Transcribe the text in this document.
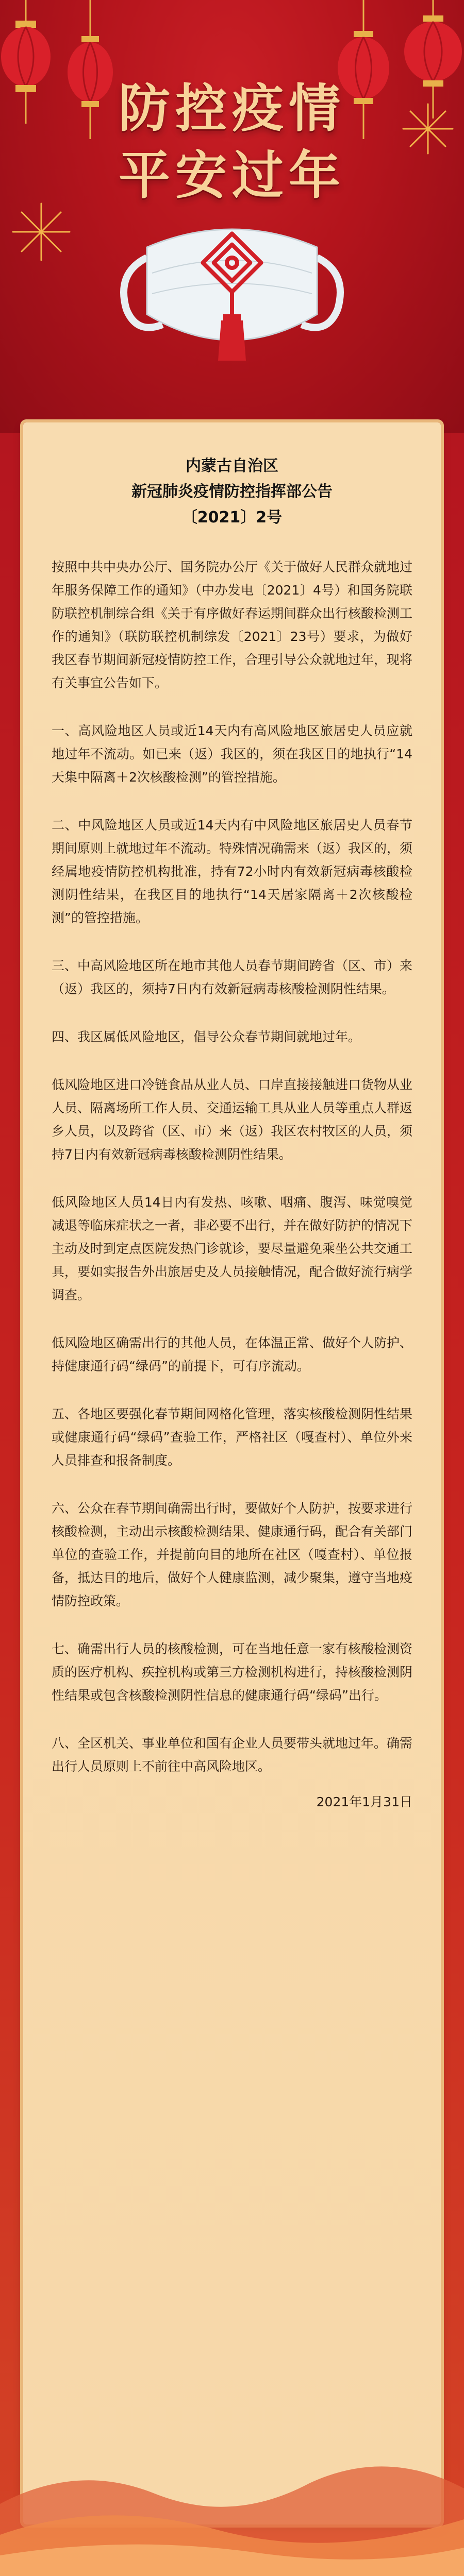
防控疫情
平安过年
内蒙古自治区
新冠肺炎疫情防控指挥部公告
〔2021〕2号

按照中共中央办公厅、国务院办公厅《关于做好人民群众就地过年服务保障工作的通知》（中办发电〔2021〕4号）和国务院联防联控机制综合组《关于有序做好春运期间群众出行核酸检测工作的通知》（联防联控机制综发〔2021〕23号）要求，为做好我区春节期间新冠疫情防控工作，合理引导公众就地过年，现将有关事宜公告如下。

一、高风险地区人员或近14天内有高风险地区旅居史人员应就地过年不流动。如已来（返）我区的，须在我区目的地执行“14天集中隔离＋2次核酸检测”的管控措施。

二、中风险地区人员或近14天内有中风险地区旅居史人员春节期间原则上就地过年不流动。特殊情况确需来（返）我区的，须经属地疫情防控机构批准，持有72小时内有效新冠病毒核酸检测阴性结果，在我区目的地执行“14天居家隔离＋2次核酸检测”的管控措施。

三、中高风险地区所在地市其他人员春节期间跨省（区、市）来（返）我区的，须持7日内有效新冠病毒核酸检测阴性结果。

四、我区属低风险地区，倡导公众春节期间就地过年。

低风险地区进口冷链食品从业人员、口岸直接接触进口货物从业人员、隔离场所工作人员、交通运输工具从业人员等重点人群返乡人员，以及跨省（区、市）来（返）我区农村牧区的人员，须持7日内有效新冠病毒核酸检测阴性结果。

低风险地区人员14日内有发热、咳嗽、咽痛、腹泻、味觉嗅觉减退等临床症状之一者，非必要不出行，并在做好防护的情况下主动及时到定点医院发热门诊就诊，要尽量避免乘坐公共交通工具，要如实报告外出旅居史及人员接触情况，配合做好流行病学调查。

低风险地区确需出行的其他人员，在体温正常、做好个人防护、持健康通行码“绿码”的前提下，可有序流动。

五、各地区要强化春节期间网格化管理，落实核酸检测阴性结果或健康通行码“绿码”查验工作，严格社区（嘎查村）、单位外来人员排查和报备制度。

六、公众在春节期间确需出行时，要做好个人防护，按要求进行核酸检测，主动出示核酸检测结果、健康通行码，配合有关部门单位的查验工作，并提前向目的地所在社区（嘎查村）、单位报备，抵达目的地后，做好个人健康监测，减少聚集，遵守当地疫情防控政策。

七、确需出行人员的核酸检测，可在当地任意一家有核酸检测资质的医疗机构、疾控机构或第三方检测机构进行，持核酸检测阴性结果或包含核酸检测阴性信息的健康通行码“绿码”出行。

八、全区机关、事业单位和国有企业人员要带头就地过年。确需出行人员原则上不前往中高风险地区。

2021年1月31日
